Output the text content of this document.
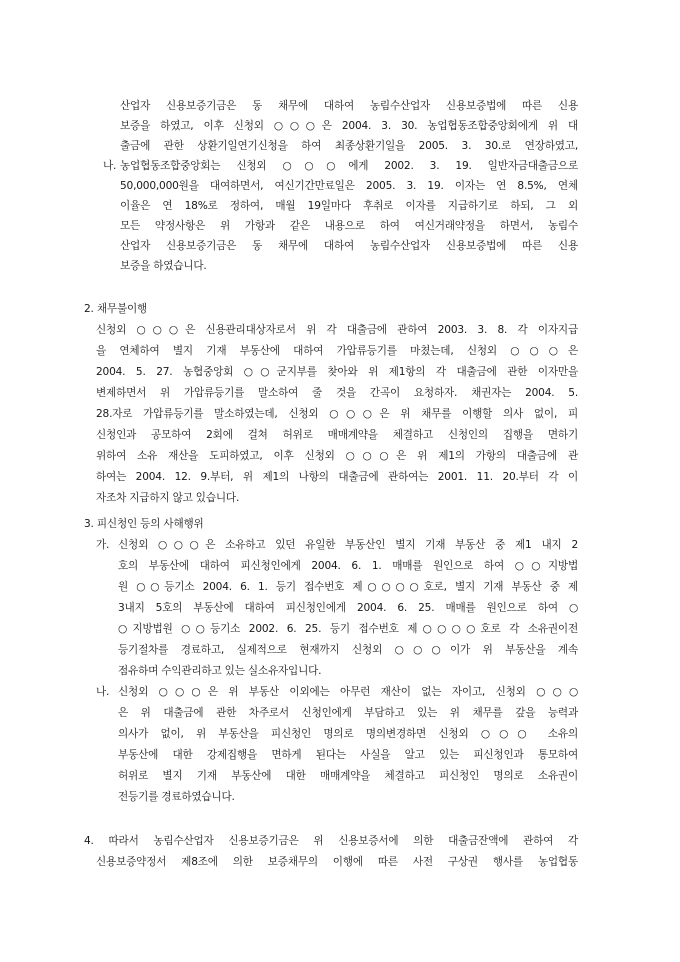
산업자 신용보증기금은 동 채무에 대하여 농림수산업자 신용보증법에 따른 신용
보증을 하였고, 이후 신청외 ○○○은 2004. 3. 30. 농업협동조합중앙회에게 위 대
출금에 관한 상환기일연기신청을 하여 최종상환기일을 2005. 3. 30.로 연장하였고,
나. 농업협동조합중앙회는 신청외 ○○○에게 2002. 3. 19. 일반자금대출금으로
50,000,000원을 대여하면서, 여신기간만료일은 2005. 3. 19. 이자는 연 8.5%, 연체
이율은 연 18%로 정하여, 매월 19일마다 후취로 이자를 지급하기로 하되, 그 외
모든 약정사항은 위 가항과 같은 내용으로 하여 여신거래약정을 하면서, 농림수
산업자 신용보증기금은 동 채무에 대하여 농림수산업자 신용보증법에 따른 신용
보증을 하였습니다.
2. 채무불이행
신청외 ○○○은 신용관리대상자로서 위 각 대출금에 관하여 2003. 3. 8. 각 이자지급
을 연체하여 별지 기재 부동산에 대하여 가압류등기를 마쳤는데, 신청외 ○○○은
2004. 5. 27. 농협중앙회 ○○군지부를 찾아와 위 제1항의 각 대출금에 관한 이자만을
변제하면서 위 가압류등기를 말소하여 줄 것을 간곡이 요청하자. 채권자는 2004. 5.
28.자로 가압류등기를 말소하였는데, 신청외 ○○○은 위 채무를 이행할 의사 없이, 피
신청인과 공모하여 2회에 걸쳐 허위로 매매계약을 체결하고 신청인의 집행을 면하기
위하여 소유 재산을 도피하였고, 이후 신청외 ○○○은 위 제1의 가항의 대출금에 관
하여는 2004. 12. 9.부터, 위 제1의 나항의 대출금에 관하여는 2001. 11. 20.부터 각 이
자조차 지급하지 않고 있습니다.
3. 피신청인 등의 사해행위
가. 신청외 ○○○은 소유하고 있던 유일한 부동산인 별지 기재 부동산 중 제1 내지 2
호의 부동산에 대하여 피신청인에게 2004. 6. 1. 매매를 원인으로 하여 ○○지방법
원 ○○등기소 2004. 6. 1. 등기 접수번호 제○○○○호로, 별지 기재 부동산 중 제
3내지 5호의 부동산에 대하여 피신청인에게 2004. 6. 25. 매매를 원인으로 하여 ○
○지방법원 ○○등기소 2002. 6. 25. 등기 접수번호 제○○○○호로 각 소유권이전
등기절차를 경료하고, 실제적으로 현재까지 신청외 ○○○이가 위 부동산을 계속
점유하며 수익관리하고 있는 실소유자입니다.
나. 신청외 ○○○은 위 부동산 이외에는 아무런 재산이 없는 자이고, 신청외 ○○○
은 위 대출금에 관한 차주로서 신청인에게 부담하고 있는 위 채무를 갚을 능력과
의사가 없이, 위 부동산을 피신청인 명의로 명의변경하면 신청외 ○○○ 소유의
부동산에 대한 강제집행을 면하게 된다는 사실을 알고 있는 피신청인과 통모하여
허위로 별지 기재 부동산에 대한 매매계약을 체결하고 피신청인 명의로 소유권이
전등기를 경료하였습니다.
4. 따라서 농림수산업자 신용보증기금은 위 신용보증서에 의한 대출금잔액에 관하여 각
신용보증약정서 제8조에 의한 보증채무의 이행에 따른 사전 구상권 행사를 농업협동
